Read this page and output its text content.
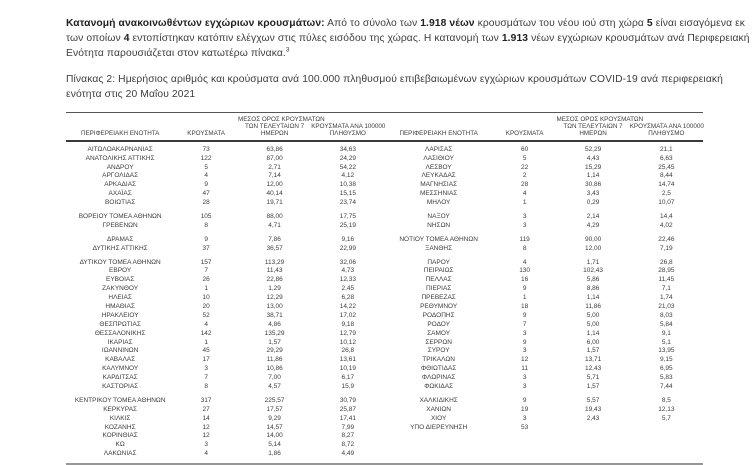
Κατανομή ανακοινωθέντων εγχώριων κρουσμάτων: Από το σύνολο των 1.918 νέων κρουσμάτων του νέου ιού στη χώρα 5 είναι εισαγόμενα εκ των οποίων 4 εντοπίστηκαν κατόπιν ελέγχων στις πύλες εισόδου της χώρας. Η κατανομή των 1.913 νέων εγχώριων κρουσμάτων ανά Περιφερειακή Ενότητα παρουσιάζεται στον κατωτέρω πίνακα.$^3$

Πίνακας 2: Ημερήσιος αριθμός και κρούσματα ανά 100.000 πληθυσμού επιβεβαιωμένων εγχώριων κρουσμάτων COVID-19 ανά περιφερειακή ενότητα στις 20 Μαΐου 2021

ΠΕΡΙΦΕΡΕΙΑΚΗ ΕΝΟΤΗΤΑ	ΚΡΟΥΣΜΑΤΑ
ΜΕΣΟΣ ΟΡΟΣ ΚΡΟΥΣΜΑΤΩΝ
ΤΩΝ ΤΕΛΕΥΤΑΙΩΝ 7
ΗΜΕΡΩΝ
ΚΡΟΥΣΜΑΤΑ ΑΝΑ 100000
ΠΛΗΘΥΣΜΟ	ΠΕΡΙΦΕΡΕΙΑΚΗ ΕΝΟΤΗΤΑ	ΚΡΟΥΣΜΑΤΑ
ΜΕΣΟΣ ΟΡΟΣ ΚΡΟΥΣΜΑΤΩΝ
ΤΩΝ ΤΕΛΕΥΤΑΙΩΝ 7
ΗΜΕΡΩΝ
ΚΡΟΥΣΜΑΤΑ ΑΝΑ 100000
ΠΛΗΘΥΣΜΟ
ΑΙΤΩΛΟΑΚΑΡΝΑΝΙΑΣ	73	63,86	34,63
ΑΝΑΤΟΛΙΚΗΣ ΑΤΤΙΚΗΣ	122	87,00	24,29
ΑΝΔΡΟΥ	5	2,71	54,22
ΑΡΓΟΛΙΔΑΣ	4	7,14	4,12
ΑΡΚΑΔΙΑΣ	9	12,00	10,38
ΑΧΑΪΑΣ	47	40,14	15,15
ΒΟΙΩΤΙΑΣ	28	19,71	23,74
ΒΟΡΕΙΟΥ ΤΟΜΕΑ ΑΘΗΝΩΝ	105	88,00	17,75
ΓΡΕΒΕΝΩΝ	8	4,71	25,19
ΔΡΑΜΑΣ	9	7,86	9,16
ΔΥΤΙΚΗΣ ΑΤΤΙΚΗΣ	37	36,57	22,99
ΔΥΤΙΚΟΥ ΤΟΜΕΑ ΑΘΗΝΩΝ	157	113,29	32,06
ΕΒΡΟΥ	7	11,43	4,73
ΕΥΒΟΙΑΣ	26	22,86	12,33
ΖΑΚΥΝΘΟΥ	1	1,29	2,45
ΗΛΕΙΑΣ	10	12,29	6,28
ΗΜΑΘΙΑΣ	20	13,00	14,22
ΗΡΑΚΛΕΙΟΥ	52	38,71	17,02
ΘΕΣΠΡΩΤΙΑΣ	4	4,86	9,18
ΘΕΣΣΑΛΟΝΙΚΗΣ	142	135,29	12,79
ΙΚΑΡΙΑΣ	1	1,57	10,12
ΙΩΑΝΝΙΝΩΝ	45	29,29	26,8
ΚΑΒΑΛΑΣ	17	11,86	13,61
ΚΑΛΥΜΝΟΥ	3	10,86	10,19
ΚΑΡΔΙΤΣΑΣ	7	7,00	6,17
ΚΑΣΤΟΡΙΑΣ	8	4,57	15,9
ΚΕΝΤΡΙΚΟΥ ΤΟΜΕΑ ΑΘΗΝΩΝ	317	225,57	30,79
ΚΕΡΚΥΡΑΣ	27	17,57	25,87
ΚΙΛΚΙΣ	14	9,29	17,41
ΚΟΖΑΝΗΣ	12	14,57	7,99
ΚΟΡΙΝΘΙΑΣ	12	14,00	8,27
ΚΩ	3	5,14	8,72
ΛΑΚΩΝΙΑΣ	4	1,86	4,49
ΛΑΡΙΣΑΣ	60	52,29	21,1
ΛΑΣΙΘΙΟΥ	5	4,43	6,63
ΛΕΣΒΟΥ	22	15,29	25,45
ΛΕΥΚΑΔΑΣ	2	1,14	8,44
ΜΑΓΝΗΣΙΑΣ	28	30,86	14,74
ΜΕΣΣΗΝΙΑΣ	4	3,43	2,5
ΜΗΛΟΥ	1	0,29	10,07
ΝΑΞΟΥ	3	2,14	14,4
ΝΗΣΩΝ	3	4,29	4,02
ΝΟΤΙΟΥ ΤΟΜΕΑ ΑΘΗΝΩΝ	119	90,00	22,46
ΞΑΝΘΗΣ	8	12,00	7,19
ΠΑΡΟΥ	4	1,71	26,8
ΠΕΙΡΑΙΩΣ	130	102,43	28,95
ΠΕΛΛΑΣ	16	5,86	11,45
ΠΙΕΡΙΑΣ	9	8,86	7,1
ΠΡΕΒΕΖΑΣ	1	1,14	1,74
ΡΕΘΥΜΝΟΥ	18	11,86	21,03
ΡΟΔΟΠΗΣ	9	5,00	8,03
ΡΟΔΟΥ	7	5,00	5,84
ΣΑΜΟΥ	3	1,14	9,1
ΣΕΡΡΩΝ	9	6,00	5,1
ΣΥΡΟΥ	3	1,57	13,95
ΤΡΙΚΑΛΩΝ	12	13,71	9,15
ΦΘΙΩΤΙΔΑΣ	11	12,43	6,95
ΦΛΩΡΙΝΑΣ	3	5,71	5,83
ΦΩΚΙΔΑΣ	3	1,57	7,44
ΧΑΛΚΙΔΙΚΗΣ	9	5,57	8,5
ΧΑΝΙΩΝ	19	19,43	12,13
ΧΙΟΥ	3	2,43	5,7
ΥΠΟ ΔΙΕΡΕΥΝΗΣΗ	53
